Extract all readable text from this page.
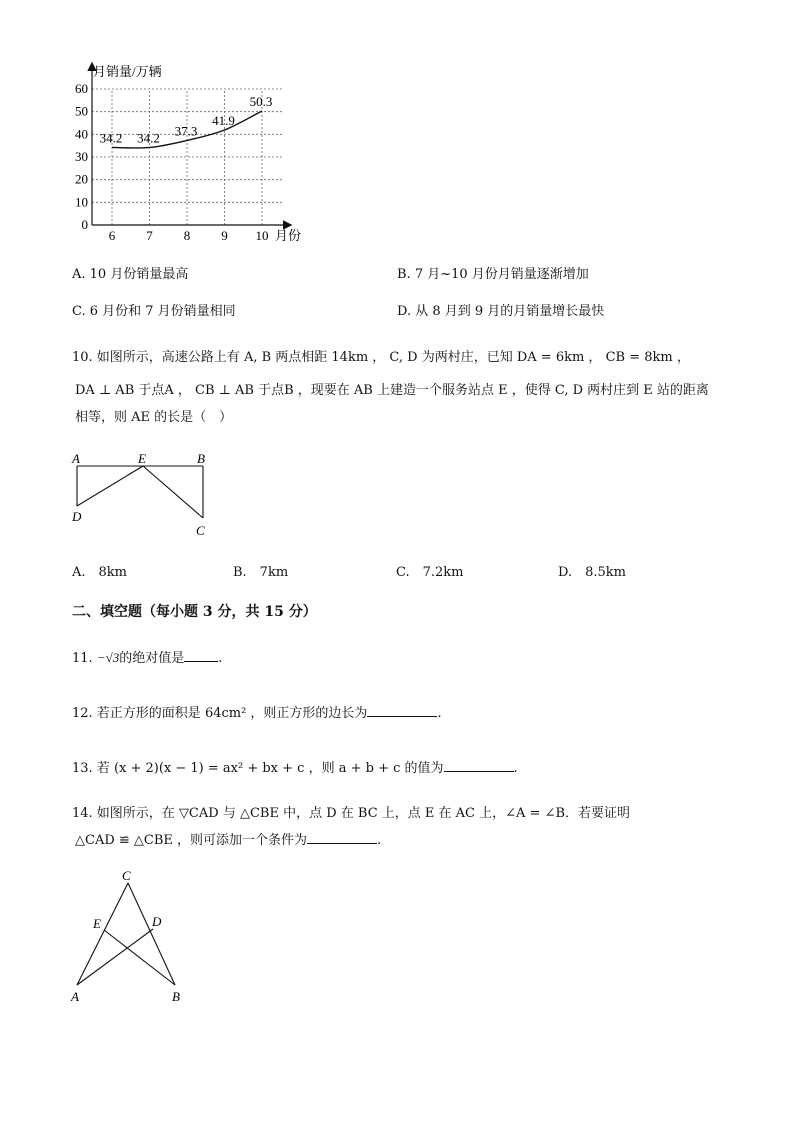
0
10
20
30
40
50
60
6 7 8 9 10
月销量/万辆
月份
34.2 34.2 37.3
41.9
50.3
A. 10 月份销量最高	B. 7 月~10 月份月销量逐渐增加
C. 6 月份和 7 月份销量相同	D. 从 8 月到 9 月的月销量增长最快
10. 如图所示，高速公路上有 A, B 两点相距 14km ， C, D 为两村庄，已知 DA = 6km ， CB = 8km ，
DA ⊥ AB 于点A ， CB ⊥ AB 于点B ，现要在 AB 上建造一个服务站点 E ，使得 C, D 两村庄到 E 站的距离
相等，则 AE 的长是（　）
A	E	B
D
C
A.　8km	B.　7km	C.　7.2km	D.　8.5km
二、填空题（每小题 3 分，共 15 分）
11. −√3的绝对值是	.
12. 若正方形的面积是 64cm² ，则正方形的边长为	.
13. 若 (x + 2)(x − 1) = ax² + bx + c ，则 a + b + c 的值为	.
14. 如图所示，在 ▽CAD 与 △CBE 中，点 D 在 BC 上，点 E 在 AC 上，∠A = ∠B．若要证明
△CAD ≌ △CBE ，则可添加一个条件为	.
C
E	D
A	B
